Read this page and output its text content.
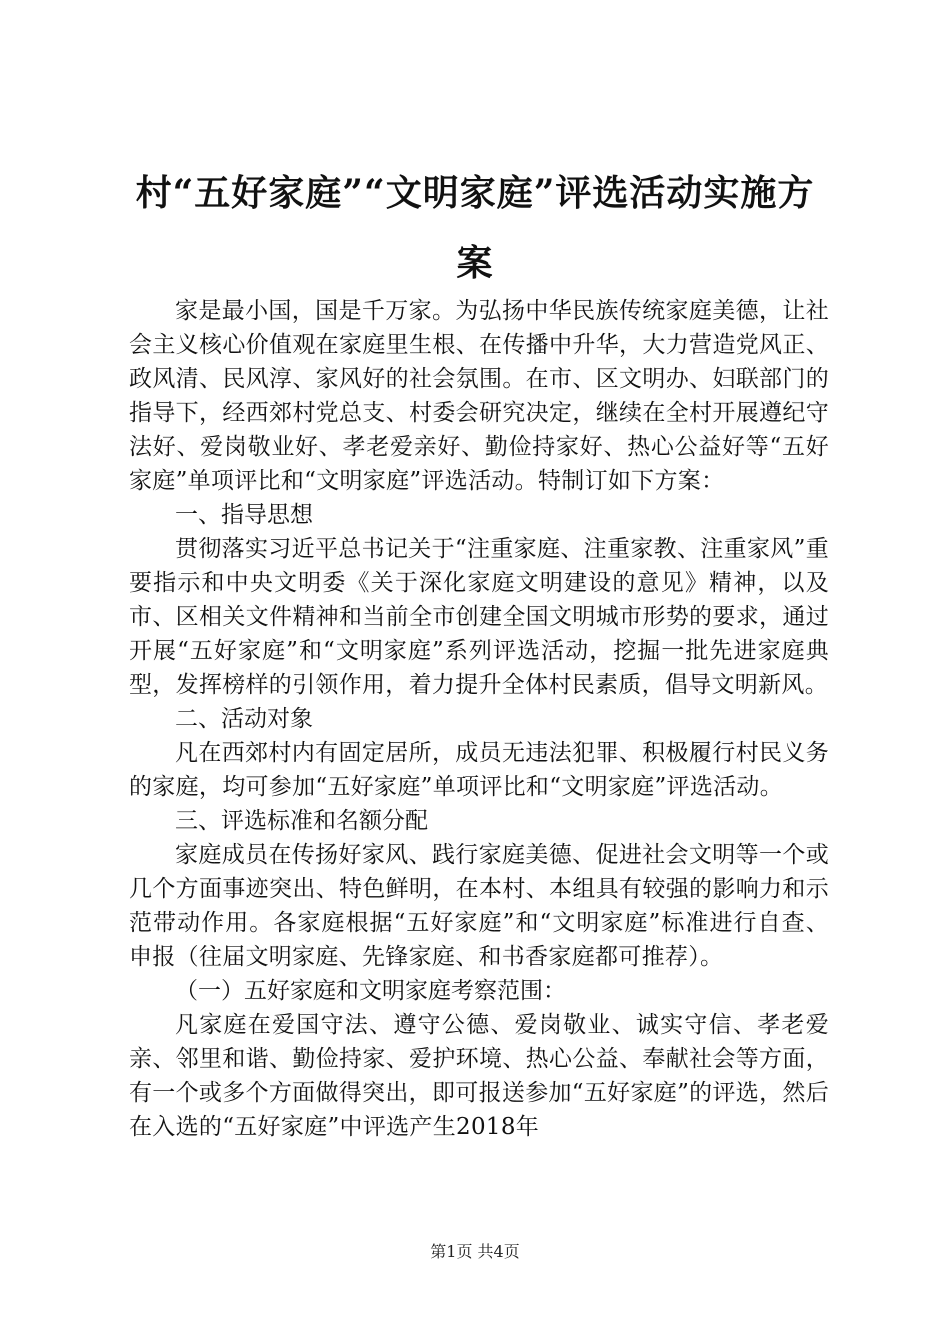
村“五好家庭”“文明家庭”评选活动实施方案

家是最小国，国是千万家。为弘扬中华民族传统家庭美德，让社会主义核心价值观在家庭里生根、在传播中升华，大力营造党风正、政风清、民风淳、家风好的社会氛围。在市、区文明办、妇联部门的指导下，经西郊村党总支、村委会研究决定，继续在全村开展遵纪守法好、爱岗敬业好、孝老爱亲好、勤俭持家好、热心公益好等“五好家庭”单项评比和“文明家庭”评选活动。特制订如下方案：

一、指导思想

贯彻落实习近平总书记关于“注重家庭、注重家教、注重家风”重要指示和中央文明委《关于深化家庭文明建设的意见》精神，以及市、区相关文件精神和当前全市创建全国文明城市形势的要求，通过开展“五好家庭”和“文明家庭”系列评选活动，挖掘一批先进家庭典型，发挥榜样的引领作用，着力提升全体村民素质，倡导文明新风。

二、活动对象

凡在西郊村内有固定居所，成员无违法犯罪、积极履行村民义务的家庭，均可参加“五好家庭”单项评比和“文明家庭”评选活动。

三、评选标准和名额分配

家庭成员在传扬好家风、践行家庭美德、促进社会文明等一个或几个方面事迹突出、特色鲜明，在本村、本组具有较强的影响力和示范带动作用。各家庭根据“五好家庭”和“文明家庭”标准进行自查、申报（往届文明家庭、先锋家庭、和书香家庭都可推荐）。

（一）五好家庭和文明家庭考察范围：

凡家庭在爱国守法、遵守公德、爱岗敬业、诚实守信、孝老爱亲、邻里和谐、勤俭持家、爱护环境、热心公益、奉献社会等方面，有一个或多个方面做得突出，即可报送参加“五好家庭”的评选，然后在入选的“五好家庭”中评选产生2018年

第1页 共4页
